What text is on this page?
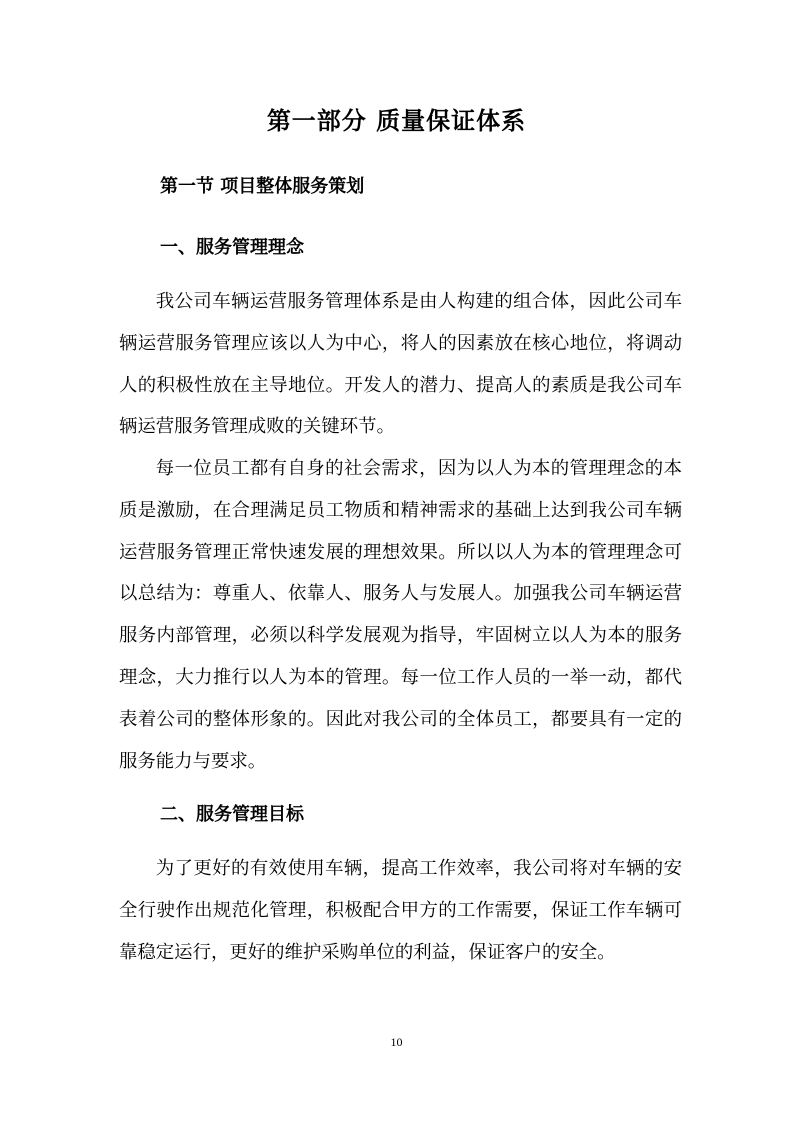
第一部分 质量保证体系
第一节 项目整体服务策划
一、服务管理理念

我公司车辆运营服务管理体系是由人构建的组合体，因此公司车辆运营服务管理应该以人为中心，将人的因素放在核心地位，将调动人的积极性放在主导地位。开发人的潜力、提高人的素质是我公司车辆运营服务管理成败的关键环节。

每一位员工都有自身的社会需求，因为以人为本的管理理念的本质是激励，在合理满足员工物质和精神需求的基础上达到我公司车辆运营服务管理正常快速发展的理想效果。所以以人为本的管理理念可以总结为：尊重人、依靠人、服务人与发展人。加强我公司车辆运营服务内部管理，必须以科学发展观为指导，牢固树立以人为本的服务理念，大力推行以人为本的管理。每一位工作人员的一举一动，都代表着公司的整体形象的。因此对我公司的全体员工，都要具有一定的服务能力与要求。

二、服务管理目标

为了更好的有效使用车辆，提高工作效率，我公司将对车辆的安全行驶作出规范化管理，积极配合甲方的工作需要，保证工作车辆可靠稳定运行，更好的维护采购单位的利益，保证客户的安全。

10
